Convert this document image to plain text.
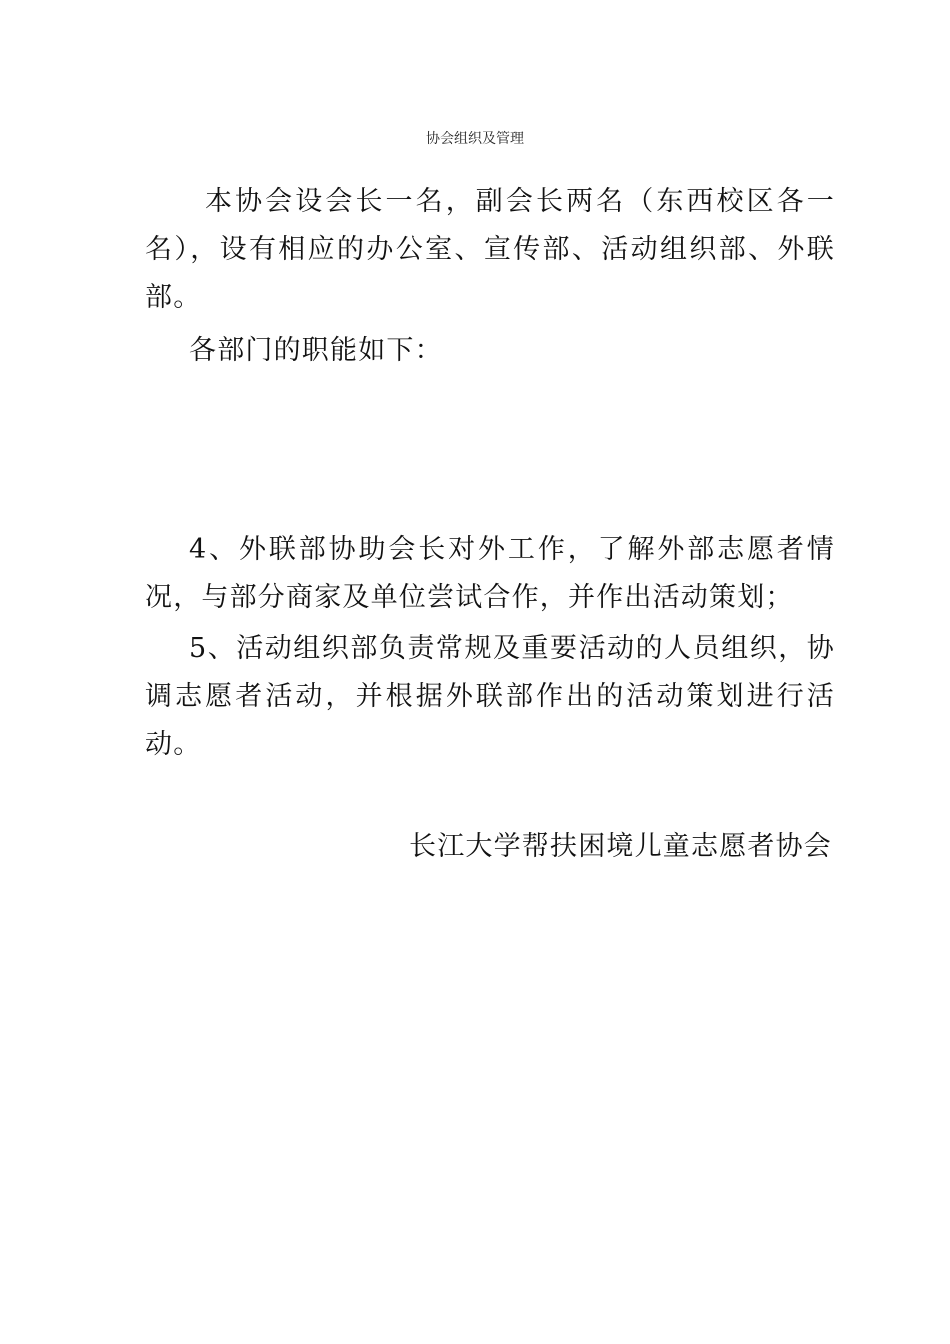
协会组织及管理

本协会设会长一名，副会长两名（东西校区各一名），设有相应的办公室、宣传部、活动组织部、外联部。

各部门的职能如下：

4、外联部协助会长对外工作，了解外部志愿者情况，与部分商家及单位尝试合作，并作出活动策划；

5、活动组织部负责常规及重要活动的人员组织，协调志愿者活动，并根据外联部作出的活动策划进行活动。

长江大学帮扶困境儿童志愿者协会
